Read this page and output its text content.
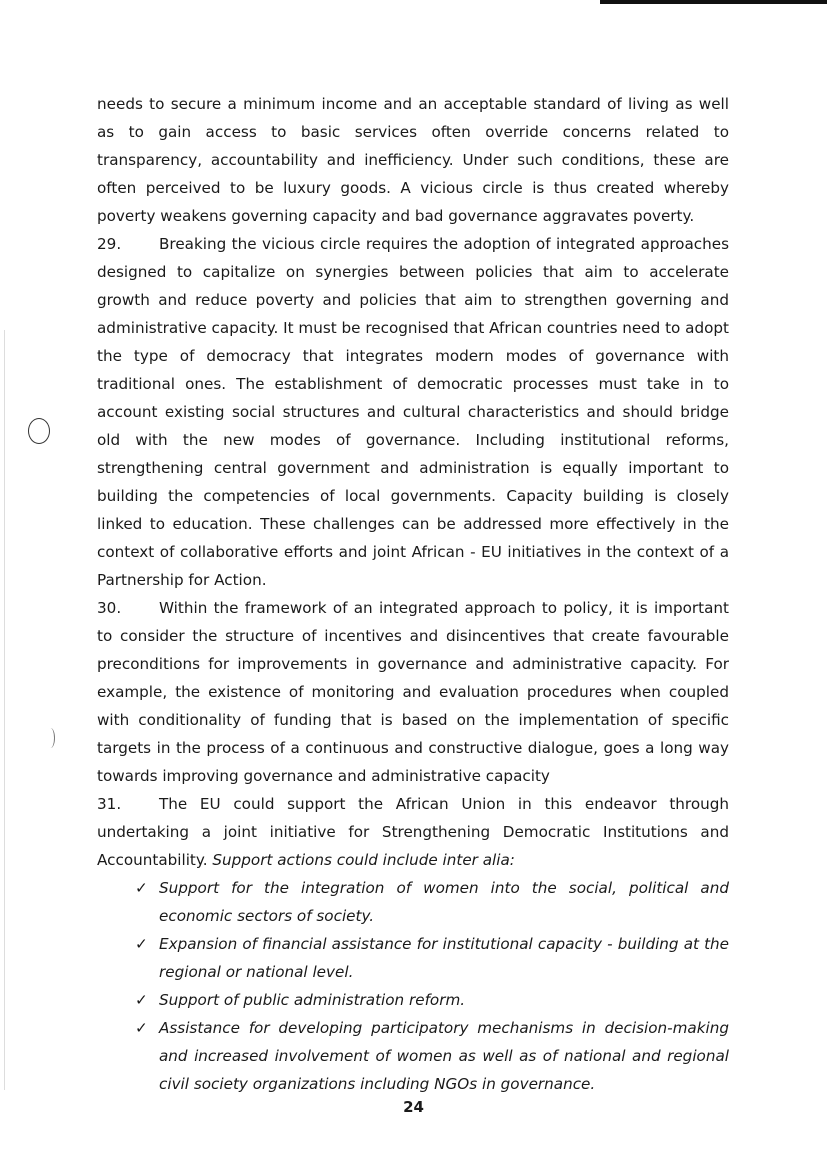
needs to secure a minimum income and an acceptable standard of living as well as to gain access to basic services often override concerns related to transparency, accountability and inefficiency. Under such conditions, these are often perceived to be luxury goods. A vicious circle is thus created whereby poverty weakens governing capacity and bad governance aggravates poverty.

29. Breaking the vicious circle requires the adoption of integrated approaches designed to capitalize on synergies between policies that aim to accelerate growth and reduce poverty and policies that aim to strengthen governing and administrative capacity. It must be recognised that African countries need to adopt the type of democracy that integrates modern modes of governance with traditional ones. The establishment of democratic processes must take in to account existing social structures and cultural characteristics and should bridge old with the new modes of governance. Including institutional reforms, strengthening central government and administration is equally important to building the competencies of local governments. Capacity building is closely linked to education. These challenges can be addressed more effectively in the context of collaborative efforts and joint African - EU initiatives in the context of a Partnership for Action.

30. Within the framework of an integrated approach to policy, it is important to consider the structure of incentives and disincentives that create favourable preconditions for improvements in governance and administrative capacity. For example, the existence of monitoring and evaluation procedures when coupled with conditionality of funding that is based on the implementation of specific targets in the process of a continuous and constructive dialogue, goes a long way towards improving governance and administrative capacity

31. The EU could support the African Union in this endeavor through undertaking a joint initiative for Strengthening Democratic Institutions and Accountability. Support actions could include inter alia:

✓ Support for the integration of women into the social, political and economic sectors of society.
✓ Expansion of financial assistance for institutional capacity - building at the regional or national level.
✓ Support of public administration reform.
✓ Assistance for developing participatory mechanisms in decision-making and increased involvement of women as well as of national and regional civil society organizations including NGOs in governance.
24
